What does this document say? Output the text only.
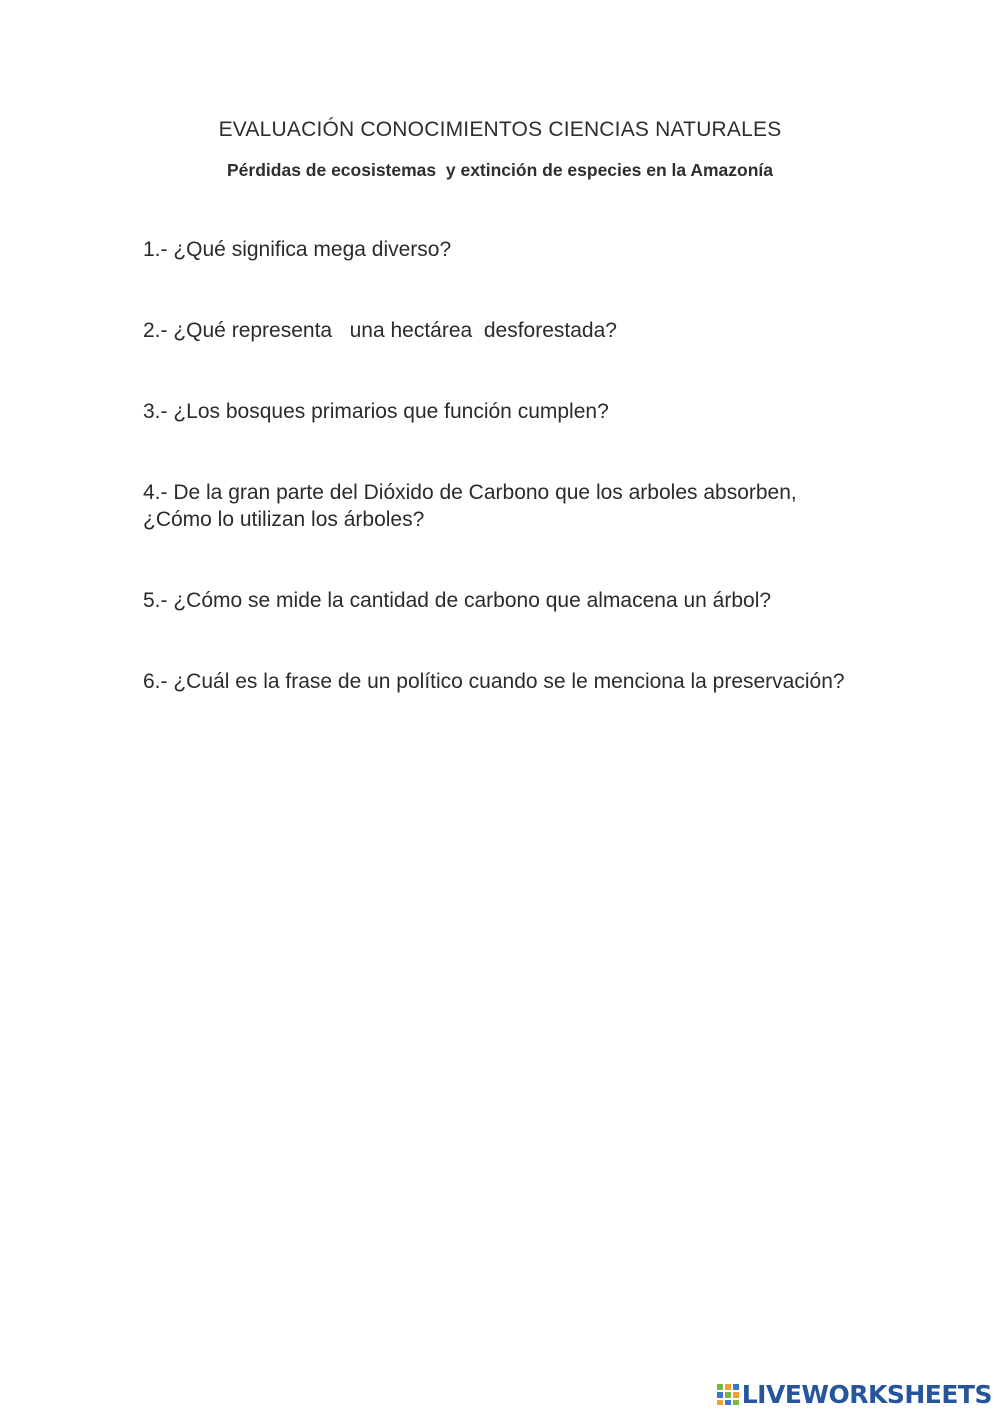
EVALUACIÓN CONOCIMIENTOS CIENCIAS NATURALES
Pérdidas de ecosistemas  y extinción de especies en la Amazonía
1.- ¿Qué significa mega diverso?
2.- ¿Qué representa   una hectárea  desforestada?
3.- ¿Los bosques primarios que función cumplen?
4.- De la gran parte del Dióxido de Carbono que los arboles absorben, ¿Cómo lo utilizan los árboles?
5.- ¿Cómo se mide la cantidad de carbono que almacena un árbol?
6.- ¿Cuál es la frase de un político cuando se le menciona la preservación?
LIVEWORKSHEETS
